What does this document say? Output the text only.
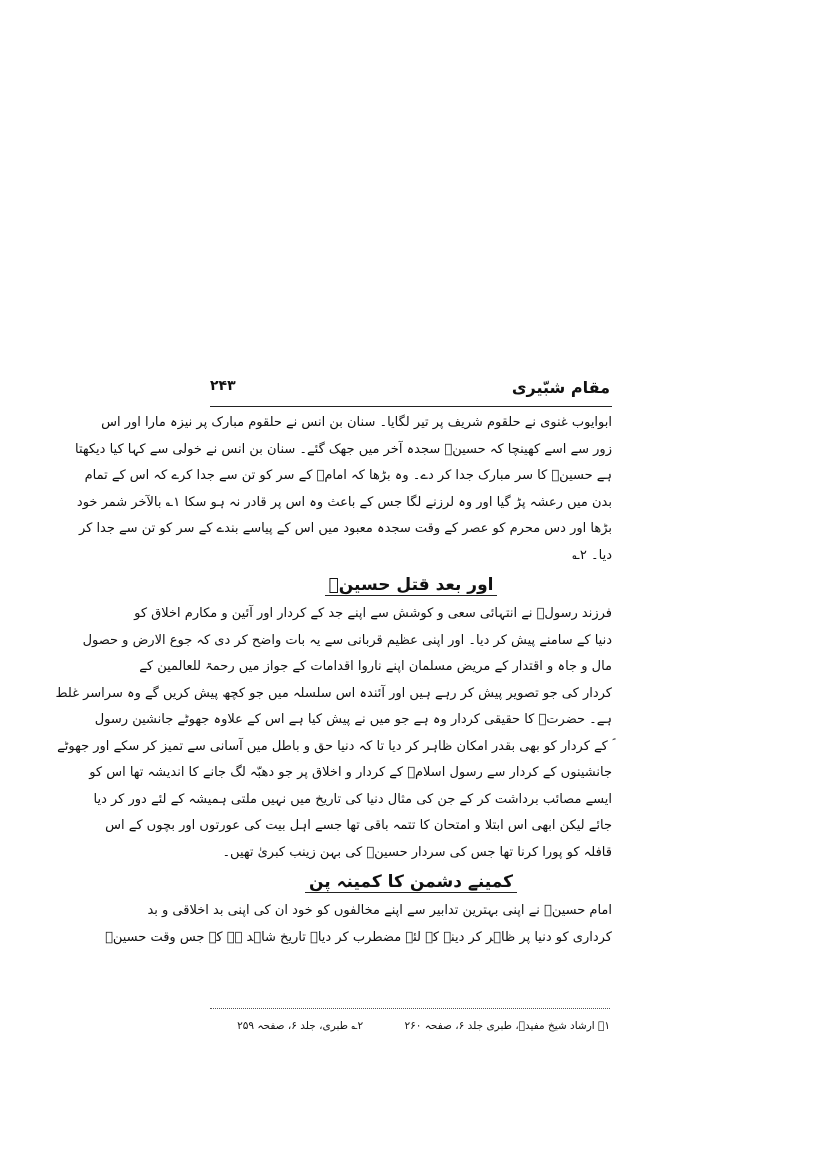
مقام شبّیری
۲۴۳
ابوایوب غنوی نے حلقوم شریف پر تیر لگایا۔ سنان بن انس نے حلقوم مبارک پر نیزہ مارا اور اس
زور سے اسے کھینچا کہ حسینؑ سجدہ آخر میں جھک گئے۔ سنان بن انس نے خولی سے کہا کیا دیکھتا
ہے حسینؑ کا سر مبارک جدا کر دے۔ وہ بڑھا کہ امامؑ کے سر کو تن سے جدا کرے کہ اس کے تمام
بدن میں رعشہ پڑ گیا اور وہ لرزنے لگا جس کے باعث وہ اس پر قادر نہ ہو سکا ۱؎ بالآخر شمر خود
بڑھا اور دس محرم کو عصر کے وقت سجدہ معبود میں اس کے پیاسے بندے کے سر کو تن سے جدا کر
دیا۔ ۲؎
اور بعد قتل حسینؑ
فرزند رسولؐ نے انتہائی سعی و کوشش سے اپنے جد کے کردار اور آئین و مکارم اخلاق کو
دنیا کے سامنے پیش کر دیا۔ اور اپنی عظیم قربانی سے یہ بات واضح کر دی کہ جوع الارض و حصول
مال و جاہ و اقتدار کے مریض مسلمان اپنے ناروا اقدامات کے جواز میں رحمۃ للعالمین کے
کردار کی جو تصویر پیش کر رہے ہیں اور آئندہ اس سلسلہ میں جو کچھ پیش کریں گے وہ سراسر غلط
ہے۔ حضرتؐ کا حقیقی کردار وہ ہے جو میں نے پیش کیا ہے اس کے علاوہ جھوٹے جانشین رسول
ؐ کے کردار کو بھی بقدر امکان ظاہر کر دیا تا کہ دنیا حق و باطل میں آسانی سے تمیز کر سکے اور جھوٹے
جانشینوں کے کردار سے رسول اسلامؐ کے کردار و اخلاق پر جو دھبّہ لگ جانے کا اندیشہ تھا اس کو
ایسے مصائب برداشت کر کے جن کی مثال دنیا کی تاریخ میں نہیں ملتی ہمیشہ کے لئے دور کر دیا
جائے لیکن ابھی اس ابتلا و امتحان کا تتمہ باقی تھا جسے اہل بیت کی عورتوں اور بچوں کے اس
قافلہ کو پورا کرنا تھا جس کی سردار حسینؑ کی بہن زینب کبریٰ تھیں۔
کمینے دشمن کا کمینہ پن
امام حسینؑ نے اپنی بہترین تدابیر سے اپنے مخالفوں کو خود ان کی اپنی بد اخلاقی و بد
کرداری کو دنیا پر ظاہر کر دینے کے لئے مضطرب کر دیا۔ تاریخ شاہد ہے کہ جس وقت حسینؑ
۱؎ ارشاد شیخ مفیدؒ، طبری جلد ۶، صفحہ ۲۶۰ ۲؎ طبری، جلد ۶، صفحہ ۲۵۹
